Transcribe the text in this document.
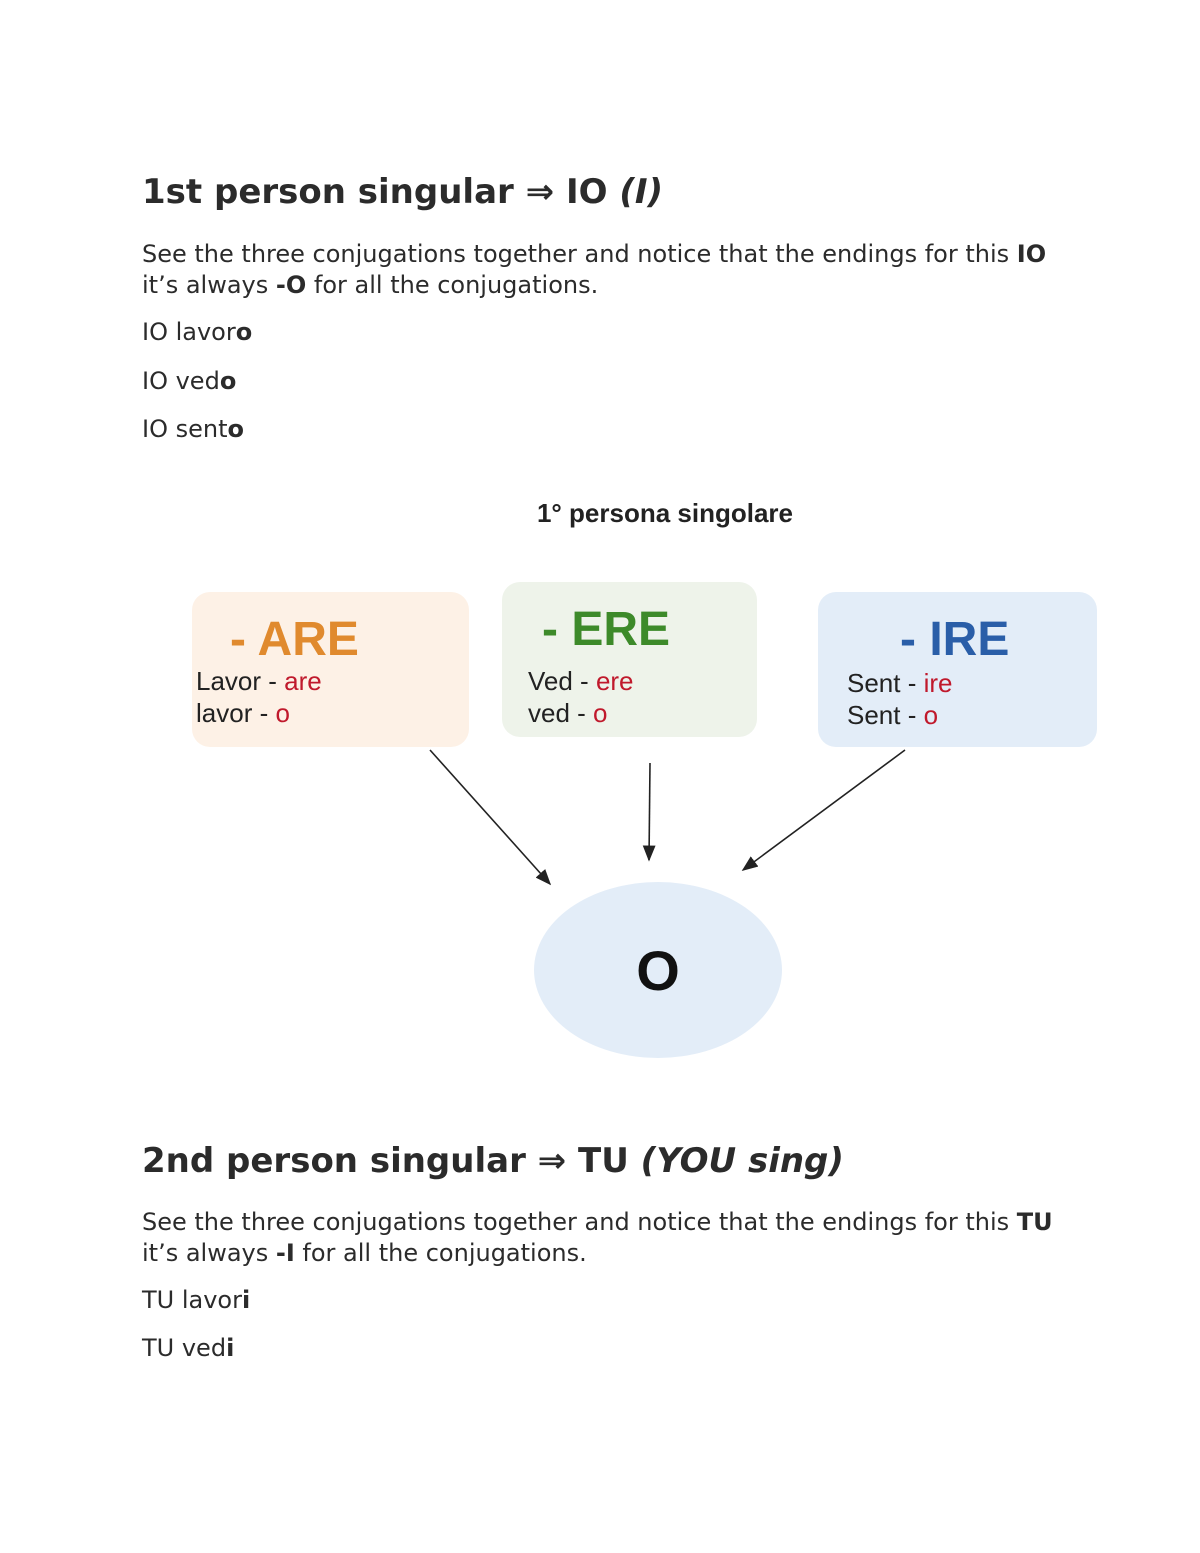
1st person singular ⇒ IO (I)

See the three conjugations together and notice that the endings for this IO it’s always -O for all the conjugations.

IO lavoro

IO vedo

IO sento

1° persona singolare
- ARE
Lavor - are
lavor - o
- ERE
Ved - ere
ved - o
- IRE
Sent - ire
Sent - o
O
2nd person singular ⇒ TU (YOU sing)

See the three conjugations together and notice that the endings for this TU it’s always -I for all the conjugations.

TU lavori

TU vedi
